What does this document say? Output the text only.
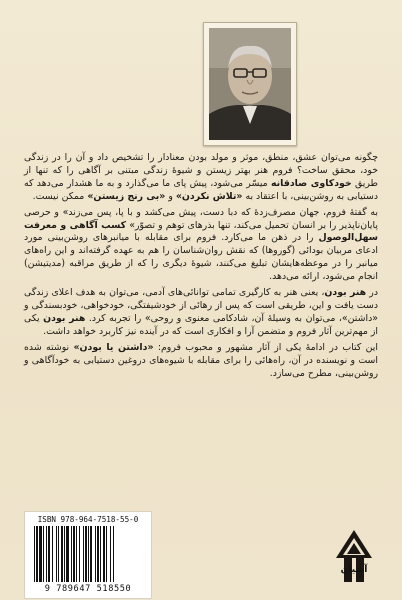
چگونه می‌توان عشق، منطق، موثر و مولد بودن معنادار را تشخیص داد و آن را در زندگی خود، محقق ساخت؟ فروم هنر بهتر زیستن و شیوهٔ زندگی مبتنی بر آگاهی را که تنها از طریق خودکاوی صادقانه میسّر می‌شود، پیش پای ما می‌گذارد و به ما هشدار می‌دهد که دستیابی به روشن‌بینی، با اعتقاد به «تلاش نکردن» و «بی‌ رنج‌ زیستن» ممکن نیست.

به گفتهٔ فروم، جهان مصرف‌زدهٔ که دبا دست، پیش می‌کشد و با پا، پس می‌زند» و حرصی پایان‌ناپذیر را بر انسان تحمیل می‌کند، تنها بذرهای توهم و تصوّر» کسب آگاهی و معرفت سهل‌الوصول را در ذهن ما می‌کارد. فروم برای مقابله با میانبرهای روشن‌بینی مورد ادعای مربیان بودائی (گوروها) که نقش روان‌شناسان را هم به عهده گرفته‌اند و این راه‌های میانبر را در موعظه‌هایشان تبلیغ می‌کنند، شیوهٔ دیگری را که از طریق مراقبه (مدیتیشن) انجام می‌شود، ارائه می‌دهد.

در هنر بودن، یعنی هنر به کارگیری تمامی توانائی‌های آدمی، می‌توان به هدف اعلای زندگی دست یافت و این، طریقی است که پس از رهائی از خودشیفتگی، خودخواهی، خودبسندگی و «داشتن»، می‌توان به وسیلهٔ آن، شادکامی معنوی و روحی» را تجربه کرد. هنر بودن یکی از مهم‌ترین آثار فروم و متضمن آرا و افکاری است که در آینده نیز کاربرد خواهد داشت.

این کتاب در ادامهٔ یکی از آثار مشهور و محبوب فروم: «داشتن یا بودن» نوشته شده است و نویسنده در آن، راه‌هائی را برای مقابله با شیوه‌های دروغین دستیابی به خودآگاهی و روشن‌بینی، مطرح می‌سازد.

ISBN 978-964-7518-55-0
9 789647 518550
آشیان
